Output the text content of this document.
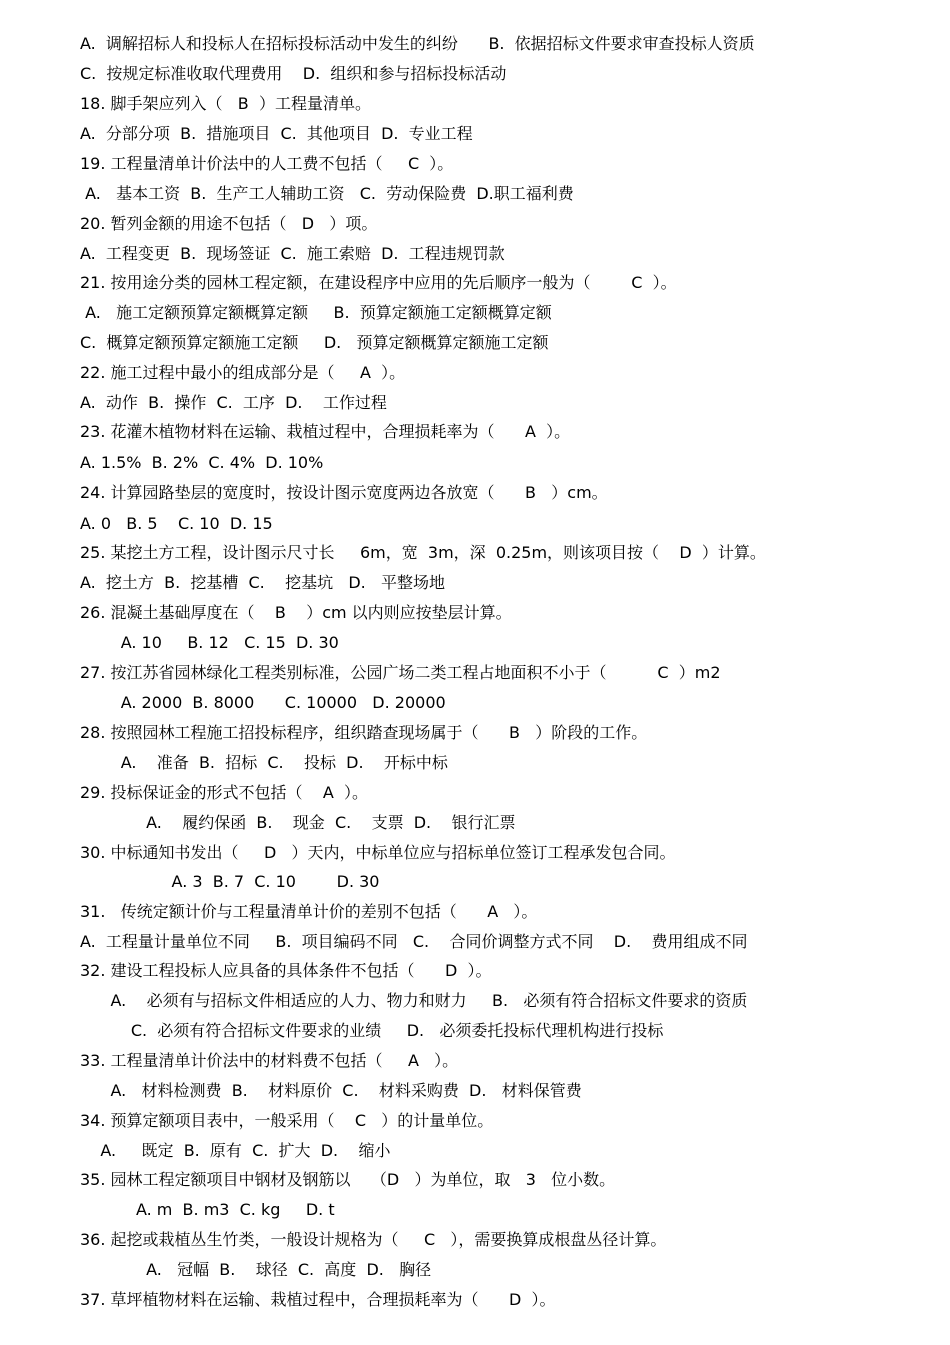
A.  调解招标人和投标人在招标投标活动中发生的纠纷      B.  依据招标文件要求审查投标人资质
C.  按规定标准收取代理费用    D.  组织和参与招标投标活动
18. 脚手架应列入（   B  ）工程量清单。
A.  分部分项  B.  措施项目  C.  其他项目  D.  专业工程
19. 工程量清单计价法中的人工费不包括（     C  ）。
A.   基本工资  B.  生产工人辅助工资   C.  劳动保险费  D.职工福利费
20. 暂列金额的用途不包括（   D   ）项。
A.  工程变更  B.  现场签证  C.  施工索赔  D.  工程违规罚款
21. 按用途分类的园林工程定额，在建设程序中应用的先后顺序一般为（        C  ）。
A.   施工定额预算定额概算定额     B.  预算定额施工定额概算定额
C.  概算定额预算定额施工定额     D.   预算定额概算定额施工定额
22. 施工过程中最小的组成部分是（     A  ）。
A.  动作  B.  操作  C.  工序  D.    工作过程
23. 花灌木植物材料在运输、栽植过程中，合理损耗率为（      A  ）。
A. 1.5%  B. 2%  C. 4%  D. 10%
24. 计算园路垫层的宽度时，按设计图示宽度两边各放宽（      B   ）cm。
A. 0   B. 5    C. 10  D. 15
25. 某挖土方工程，设计图示尺寸长     6m，宽  3m，深  0.25m，则该项目按（    D  ）计算。
A.  挖土方  B.  挖基槽  C.    挖基坑   D.   平整场地
26. 混凝土基础厚度在（    B    ）cm 以内则应按垫层计算。
A. 10     B. 12   C. 15  D. 30
27. 按江苏省园林绿化工程类别标准，公园广场二类工程占地面积不小于（          C  ）m2
A. 2000  B. 8000      C. 10000   D. 20000
28. 按照园林工程施工招投标程序，组织踏查现场属于（      B   ）阶段的工作。
A.    准备  B.  招标  C.    投标  D.    开标中标
29. 投标保证金的形式不包括（    A  ）。
A.    履约保函  B.    现金  C.    支票  D.    银行汇票
30. 中标通知书发出（     D   ）天内，中标单位应与招标单位签订工程承发包合同。
A. 3  B. 7  C. 10        D. 30
31.   传统定额计价与工程量清单计价的差别不包括（      A   ）。
A.  工程量计量单位不同     B.  项目编码不同   C.    合同价调整方式不同    D.    费用组成不同
32. 建设工程投标人应具备的具体条件不包括（      D  ）。
A.    必须有与招标文件相适应的人力、物力和财力     B.   必须有符合招标文件要求的资质
C.  必须有符合招标文件要求的业绩     D.   必须委托投标代理机构进行投标
33. 工程量清单计价法中的材料费不包括（     A   ）。
A.   材料检测费  B.    材料原价  C.    材料采购费  D.   材料保管费
34. 预算定额项目表中，一般采用（    C   ）的计量单位。
A.     既定  B.  原有  C.  扩大  D.    缩小
35. 园林工程定额项目中钢材及钢筋以    （D   ）为单位，取   3   位小数。
A. m  B. m3  C. kg     D. t
36. 起挖或栽植丛生竹类，一般设计规格为（     C   ），需要换算成根盘丛径计算。
A.   冠幅  B.    球径  C.  高度  D.   胸径
37. 草坪植物材料在运输、栽植过程中，合理损耗率为（      D  ）。
